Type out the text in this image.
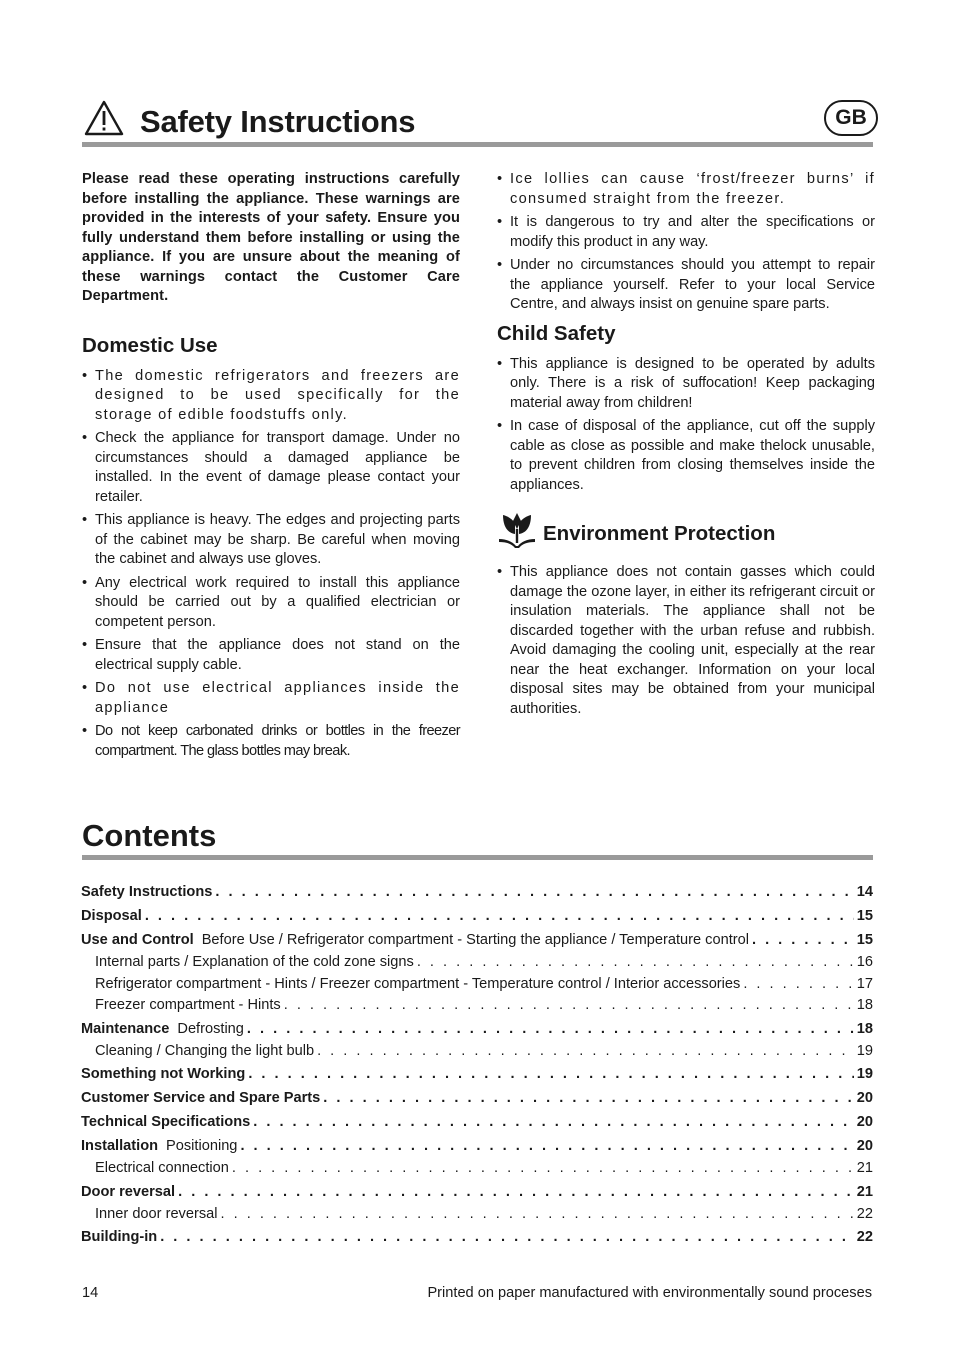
Safety Instructions	GB

Please read these operating instructions carefully before installing the appliance. These warnings are provided in the interests of your safety. Ensure you fully understand them before installing or using the appliance. If you are unsure about the meaning of these warnings contact the Customer Care Department.

Domestic Use
• The domestic refrigerators and freezers are designed to be used specifically for the storage of edible foodstuffs only.
• Check the appliance for transport damage. Under no circumstances should a damaged appliance be installed. In the event of damage please contact your retailer.
• This appliance is heavy. The edges and projecting parts of the cabinet may be sharp. Be careful when moving the cabinet and always use gloves.
• Any electrical work required to install this appliance should be carried out by a qualified electrician or competent person.
• Ensure that the appliance does not stand on the electrical supply cable.
• Do not use electrical appliances inside the appliance
• Do not keep carbonated drinks or bottles in the freezer compartment. The glass bottles may break.
• Ice lollies can cause ‘frost/freezer burns’ if consumed straight from the freezer.
• It is dangerous to try and alter the specifications or modify this product in any way.
• Under no circumstances should you attempt to repair the appliance yourself. Refer to your local Service Centre, and always insist on genuine spare parts.
Child Safety
• This appliance is designed to be operated by adults only. There is a risk of suffocation! Keep packaging material away from children!
• In case of disposal of the appliance, cut off the supply cable as close as possible and make thelock unusable, to prevent children from closing themselves inside the appliances.
Environment Protection
• This appliance does not contain gasses which could damage the ozone layer, in either its refrigerant circuit or insulation materials. The appliance shall not be discarded together with the urban refuse and rubbish. Avoid damaging the cooling unit, especially at the rear near the heat exchanger. Information on your local disposal sites may be obtained from your municipal authorities.
Contents
Safety Instructions . . .	14
Disposal . . .	15
Use and Control Before Use / Refrigerator compartment - Starting the appliance / Temperature control . . .	15
Internal parts / Explanation of the cold zone signs . . .	16
Refrigerator compartment - Hints / Freezer compartment - Temperature control / Interior accessories . . .	17
Freezer compartment - Hints . . .	18
Maintenance Defrosting . . .	18
Cleaning / Changing the light bulb . . .	19
Something not Working . . .	19
Customer Service and Spare Parts . . .	20
Technical Specifications . . .	20
Installation Positioning . . .	20
Electrical connection . . .	21
Door reversal . . .	21
Inner door reversal . . .	22
Building-in . . .	22
14	Printed on paper manufactured with environmentally sound proceses
